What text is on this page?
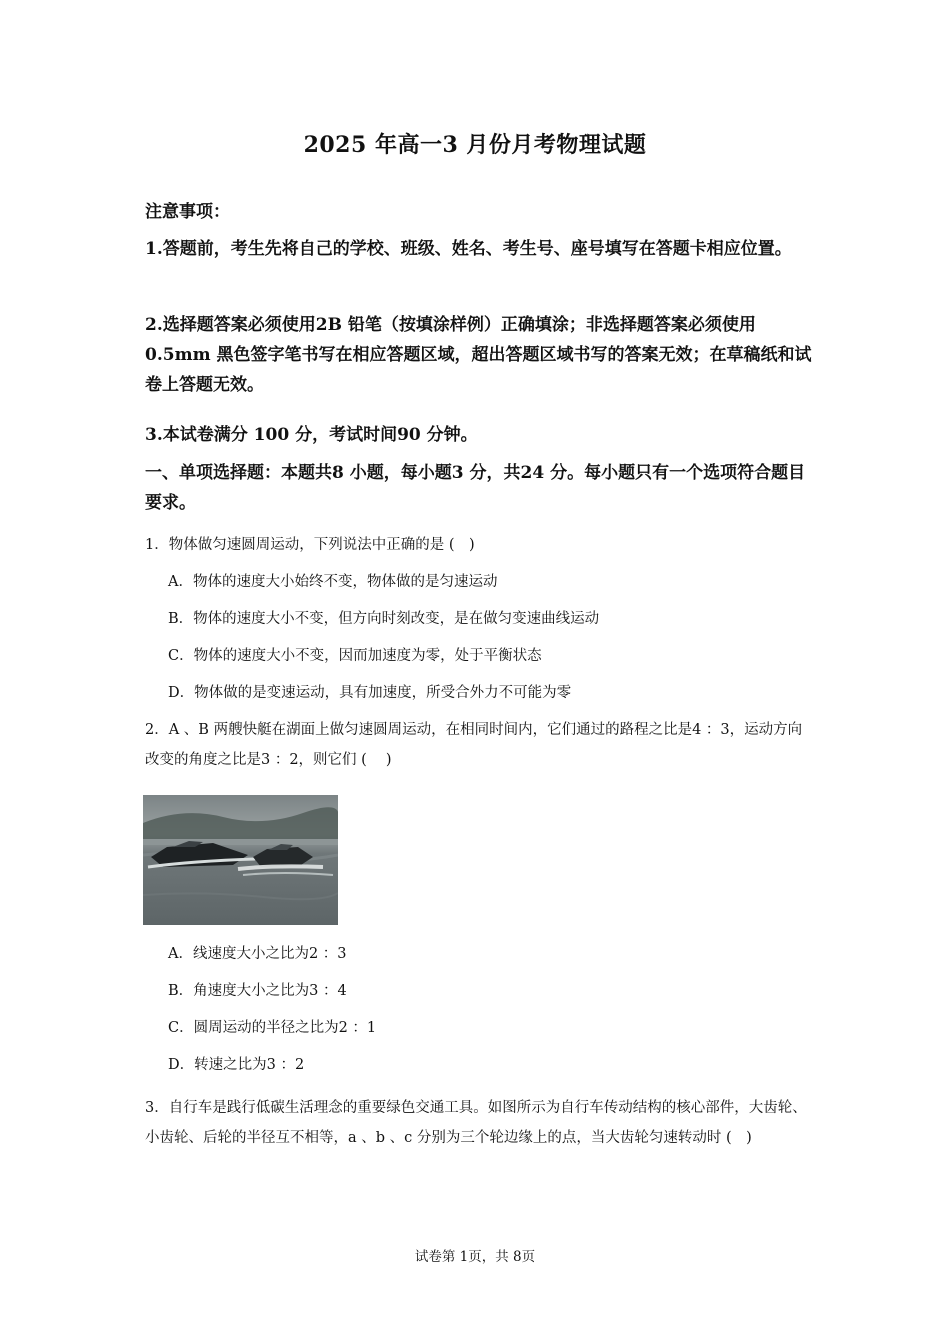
2025 年高一3 月份月考物理试题
注意事项：
1.答题前，考生先将自己的学校、班级、姓名、考生号、座号填写在答题卡相应位置。
2.选择题答案必须使用2B 铅笔（按填涂样例）正确填涂；非选择题答案必须使用0.5mm 黑色签字笔书写在相应答题区域，超出答题区域书写的答案无效；在草稿纸和试卷上答题无效。
3.本试卷满分 100 分，考试时间90 分钟。
一、单项选择题：本题共8 小题，每小题3 分，共24 分。每小题只有一个选项符合题目要求。
1．物体做匀速圆周运动，下列说法中正确的是 (　)
A．物体的速度大小始终不变，物体做的是匀速运动
B．物体的速度大小不变，但方向时刻改变，是在做匀变速曲线运动
C．物体的速度大小不变，因而加速度为零，处于平衡状态
D．物体做的是变速运动，具有加速度，所受合外力不可能为零
2．A 、B 两艘快艇在湖面上做匀速圆周运动，在相同时间内，它们通过的路程之比是4 ：3，运动方向改变的角度之比是3 ：2，则它们 (　 )
A．线速度大小之比为2 ：3
B．角速度大小之比为3 ：4
C．圆周运动的半径之比为2 ：1
D．转速之比为3 ：2
3．自行车是践行低碳生活理念的重要绿色交通工具。如图所示为自行车传动结构的核心部件，大齿轮、小齿轮、后轮的半径互不相等，a 、b 、c 分别为三个轮边缘上的点，当大齿轮匀速转动时 (　)
试卷第 1页，共 8页
